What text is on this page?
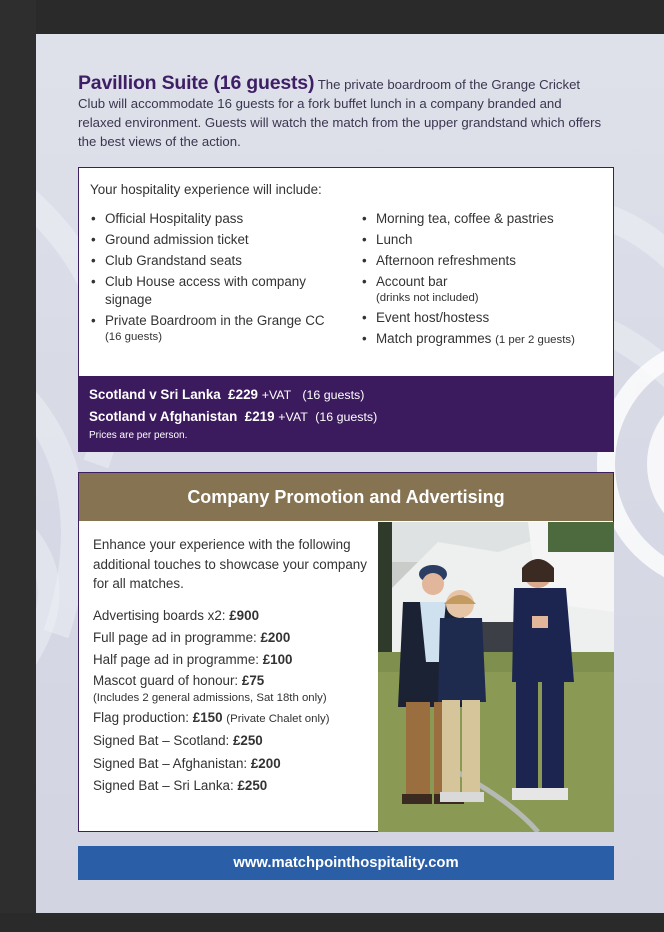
Pavillion Suite (16 guests) The private boardroom of the Grange Cricket Club will accommodate 16 guests for a fork buffet lunch in a company branded and relaxed environment. Guests will watch the match from the upper grandstand which offers the best views of the action.
Your hospitality experience will include:
• Official Hospitality pass
• Ground admission ticket
• Club Grandstand seats
• Club House access with company signage
• Private Boardroom in the Grange CC
(16 guests)
• Morning tea, coffee & pastries
• Lunch
• Afternoon refreshments
• Account bar
(drinks not included)
• Event host/hostess
• Match programmes (1 per 2 guests)
Scotland v Sri Lanka £229 +VAT (16 guests)
Scotland v Afghanistan £219 +VAT (16 guests)
Prices are per person.
Company Promotion and Advertising
Enhance your experience with the following additional touches to showcase your company for all matches.
Advertising boards x2: £900
Full page ad in programme: £200
Half page ad in programme: £100
Mascot guard of honour: £75
(Includes 2 general admissions, Sat 18th only)
Flag production: £150 (Private Chalet only)
Signed Bat – Scotland: £250
Signed Bat – Afghanistan: £200
Signed Bat – Sri Lanka: £250
www.matchpointhospitality.com
